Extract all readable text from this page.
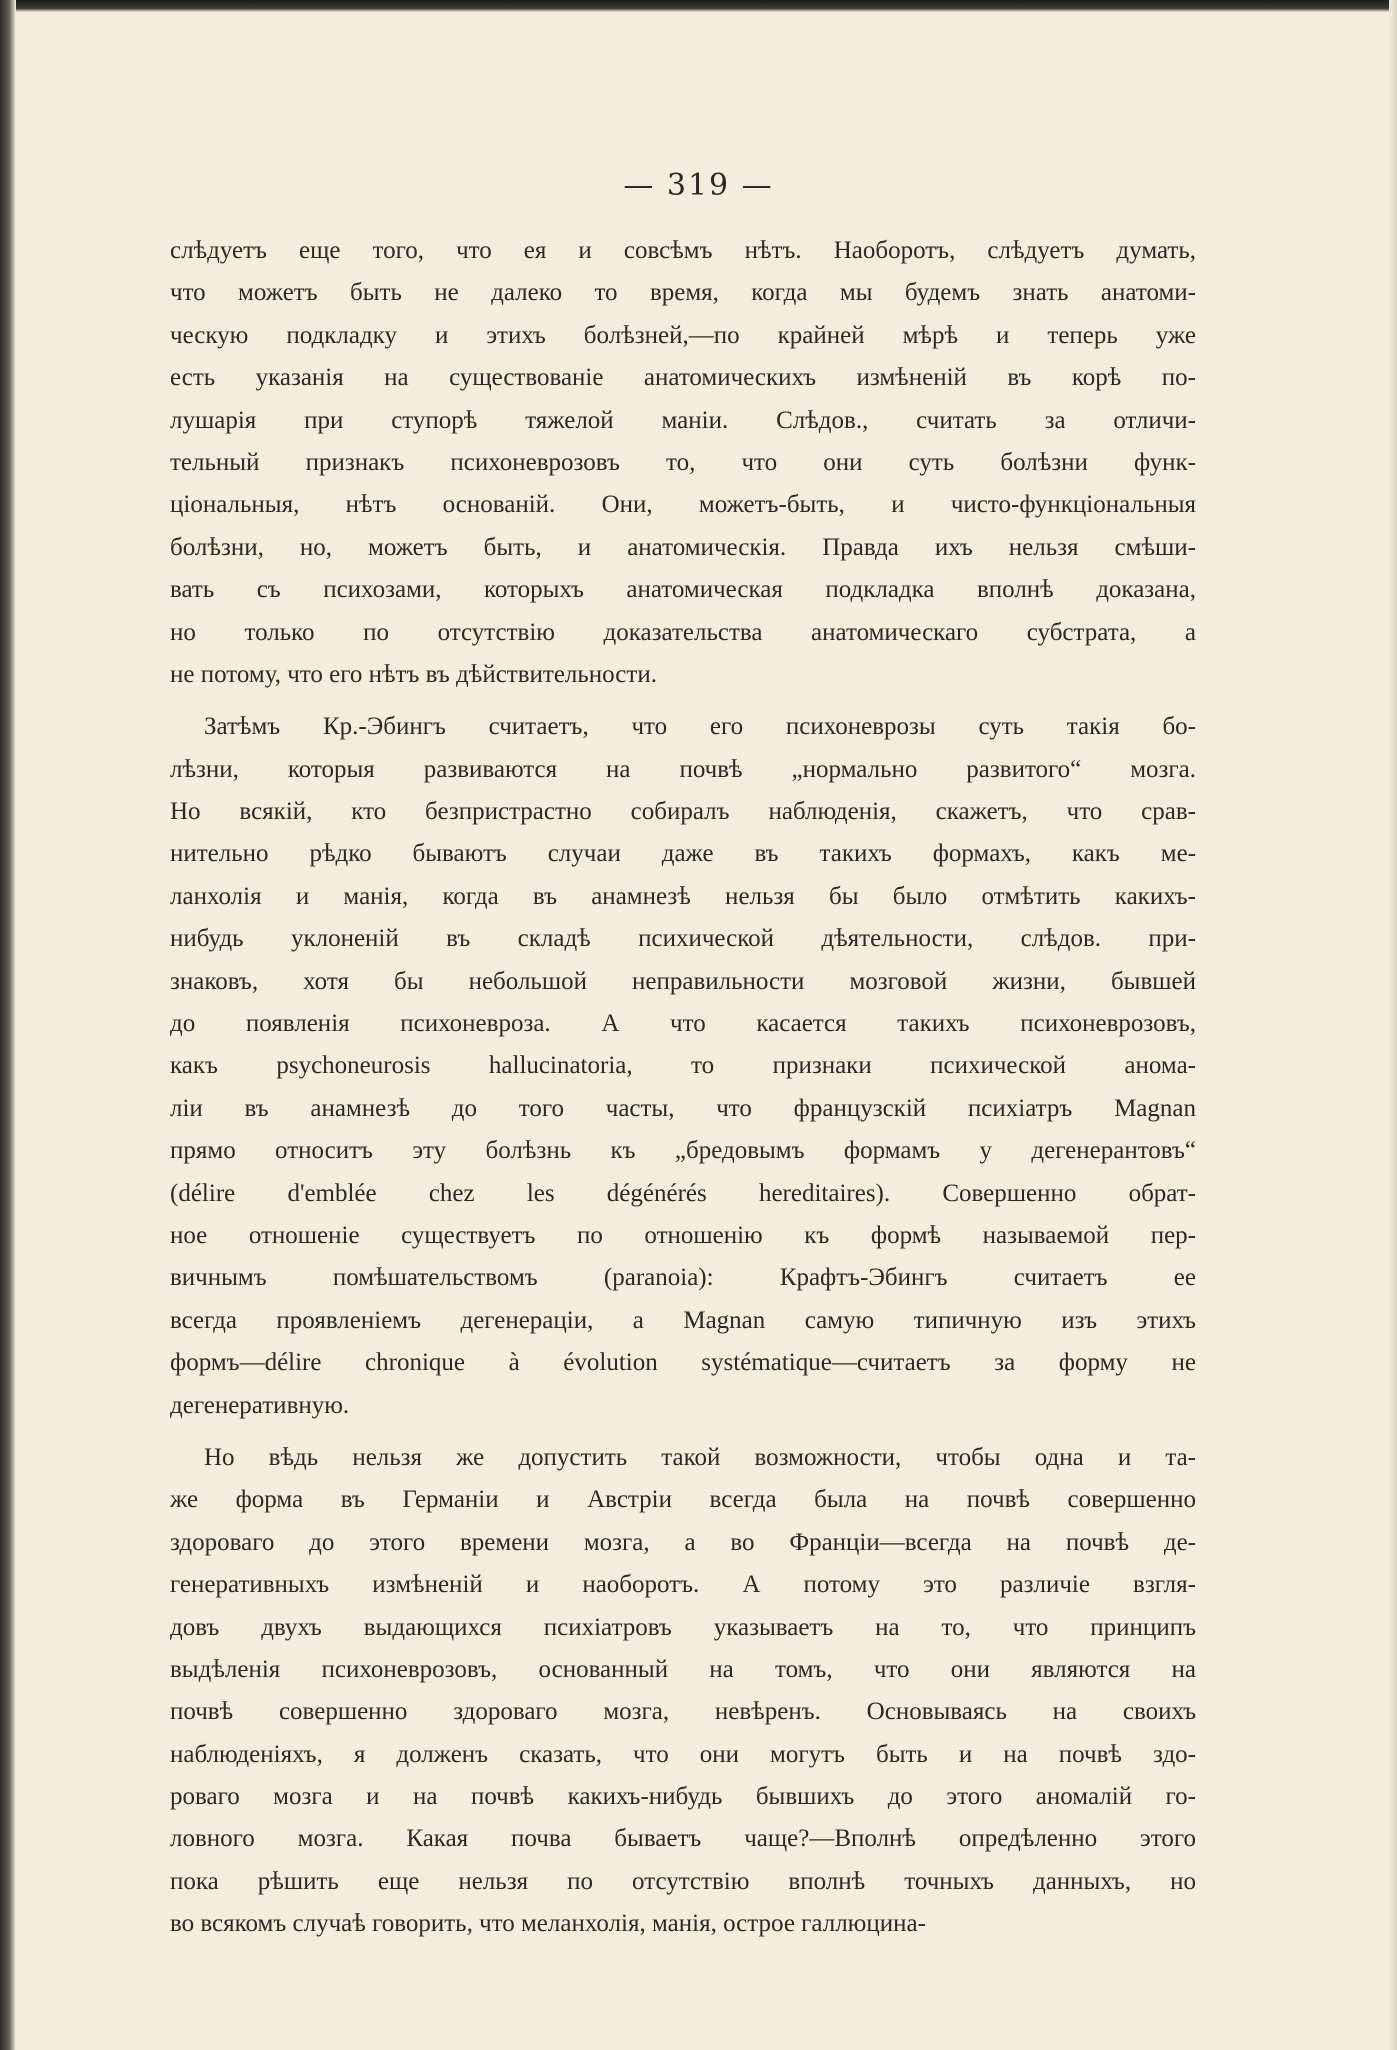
— 319 —
слѣдуетъ еще того, что ея и совсѣмъ нѣтъ. Наоборотъ, слѣдуетъ думать,
что можетъ быть не далеко то время, когда мы будемъ знать анатоми-
ческую подкладку и этихъ болѣзней,—по крайней мѣрѣ и теперь уже
есть указанія на существованіе анатомическихъ измѣненій въ корѣ по-
лушарія при ступорѣ тяжелой маніи. Слѣдов., считать за отличи-
тельный признакъ психоневрозовъ то, что они суть болѣзни функ-
ціональныя, нѣтъ основаній. Они, можетъ-быть, и чисто-функціональныя
болѣзни, но, можетъ быть, и анатомическія. Правда ихъ нельзя смѣши-
вать съ психозами, которыхъ анатомическая подкладка вполнѣ доказана,
но только по отсутствію доказательства анатомическаго субстрата, а
не потому, что его нѣтъ въ дѣйствительности.
Затѣмъ Кр.-Эбингъ считаетъ, что его психоневрозы суть такія бо-
лѣзни, которыя развиваются на почвѣ „нормально развитого“ мозга.
Но всякій, кто безпристрастно собиралъ наблюденія, скажетъ, что срав-
нительно рѣдко бываютъ случаи даже въ такихъ формахъ, какъ ме-
ланхолія и манія, когда въ анамнезѣ нельзя бы было отмѣтить какихъ-
нибудь уклоненій въ складѣ психической дѣятельности, слѣдов. при-
знаковъ, хотя бы небольшой неправильности мозговой жизни, бывшей
до появленія психоневроза. А что касается такихъ психоневрозовъ,
какъ psychoneurosis hallucinatoria, то признаки психической анома-
ліи въ анамнезѣ до того часты, что французскій психіатръ Magnan
прямо относитъ эту болѣзнь къ „бредовымъ формамъ у дегенерантовъ“
(délire d'emblée chez les dégénérés hereditaires). Совершенно обрат-
ное отношеніе существуетъ по отношенію къ формѣ называемой пер-
вичнымъ помѣшательствомъ (paranoia): Крафтъ-Эбингъ считаетъ ее
всегда проявленіемъ дегенераціи, а Magnan самую типичную изъ этихъ
формъ—délire chronique à évolution systématique—считаетъ за форму не
дегенеративную.
Но вѣдь нельзя же допустить такой возможности, чтобы одна и та-
же форма въ Германіи и Австріи всегда была на почвѣ совершенно
здороваго до этого времени мозга, а во Франціи—всегда на почвѣ де-
генеративныхъ измѣненій и наоборотъ. А потому это различіе взгля-
довъ двухъ выдающихся психіатровъ указываетъ на то, что принципъ
выдѣленія психоневрозовъ, основанный на томъ, что они являются на
почвѣ совершенно здороваго мозга, невѣренъ. Основываясь на своихъ
наблюденіяхъ, я долженъ сказать, что они могутъ быть и на почвѣ здо-
роваго мозга и на почвѣ какихъ-нибудь бывшихъ до этого аномалій го-
ловного мозга. Какая почва бываетъ чаще?—Вполнѣ опредѣленно этого
пока рѣшить еще нельзя по отсутствію вполнѣ точныхъ данныхъ, но
во всякомъ случаѣ говорить, что меланхолія, манія, острое галлюцина-
